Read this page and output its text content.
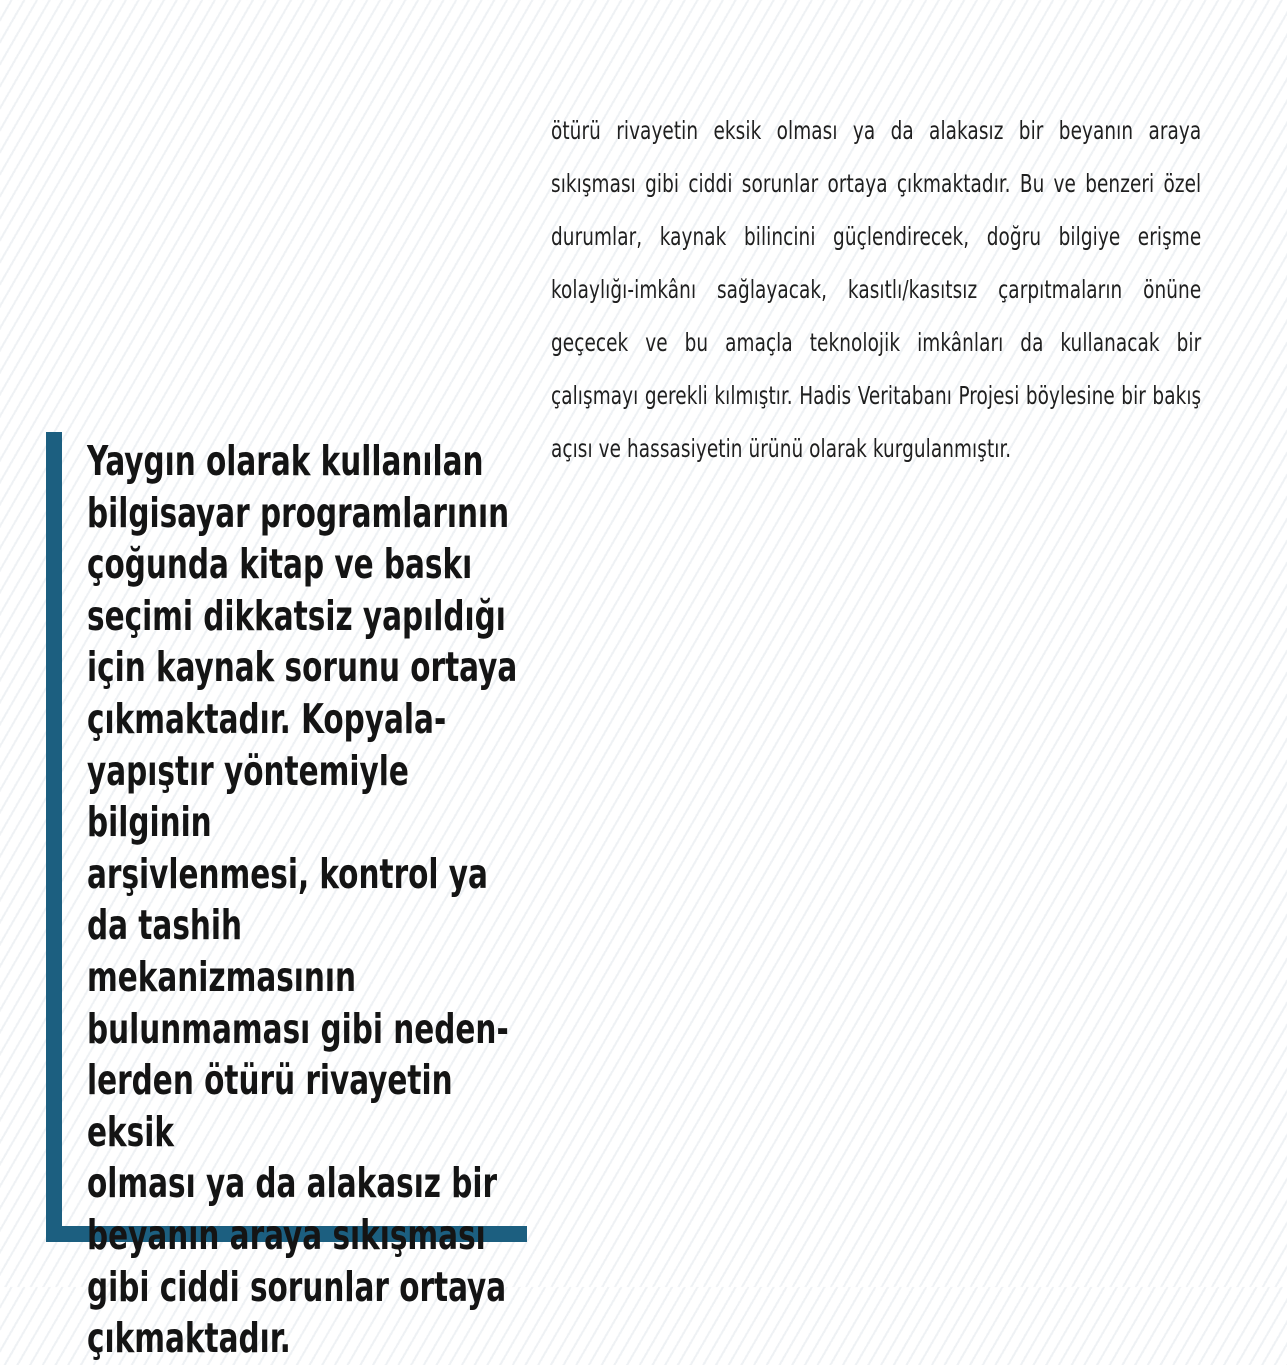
ötürü rivayetin eksik olması ya da alakasız bir beyanın araya sıkışması gibi ciddi sorunlar ortaya çıkmaktadır. Bu ve benzeri özel durumlar, kaynak bilincini güçlendirecek, doğru bilgiye erişme kolaylığı-imkânı sağlayacak, kasıtlı/kasıtsız çarpıtmaların önüne geçecek ve bu amaçla teknolojik imkânları da kullanacak bir çalışmayı gerekli kılmıştır. Hadis Veritabanı Projesi böylesine bir bakış açısı ve hassasiyetin ürünü olarak kurgulanmıştır.

Yaygın olarak kullanılan
bilgisayar programlarının
çoğunda kitap ve baskı
seçimi dikkatsiz yapıldığı
için kaynak sorunu ortaya
çıkmaktadır. Kopyala-
yapıştır yöntemiyle bilginin
arşivlenmesi, kontrol ya
da tashih mekanizmasının
bulunmaması gibi neden-
lerden ötürü rivayetin eksik
olması ya da alakasız bir
beyanın araya sıkışması
gibi ciddi sorunlar ortaya
çıkmaktadır.
